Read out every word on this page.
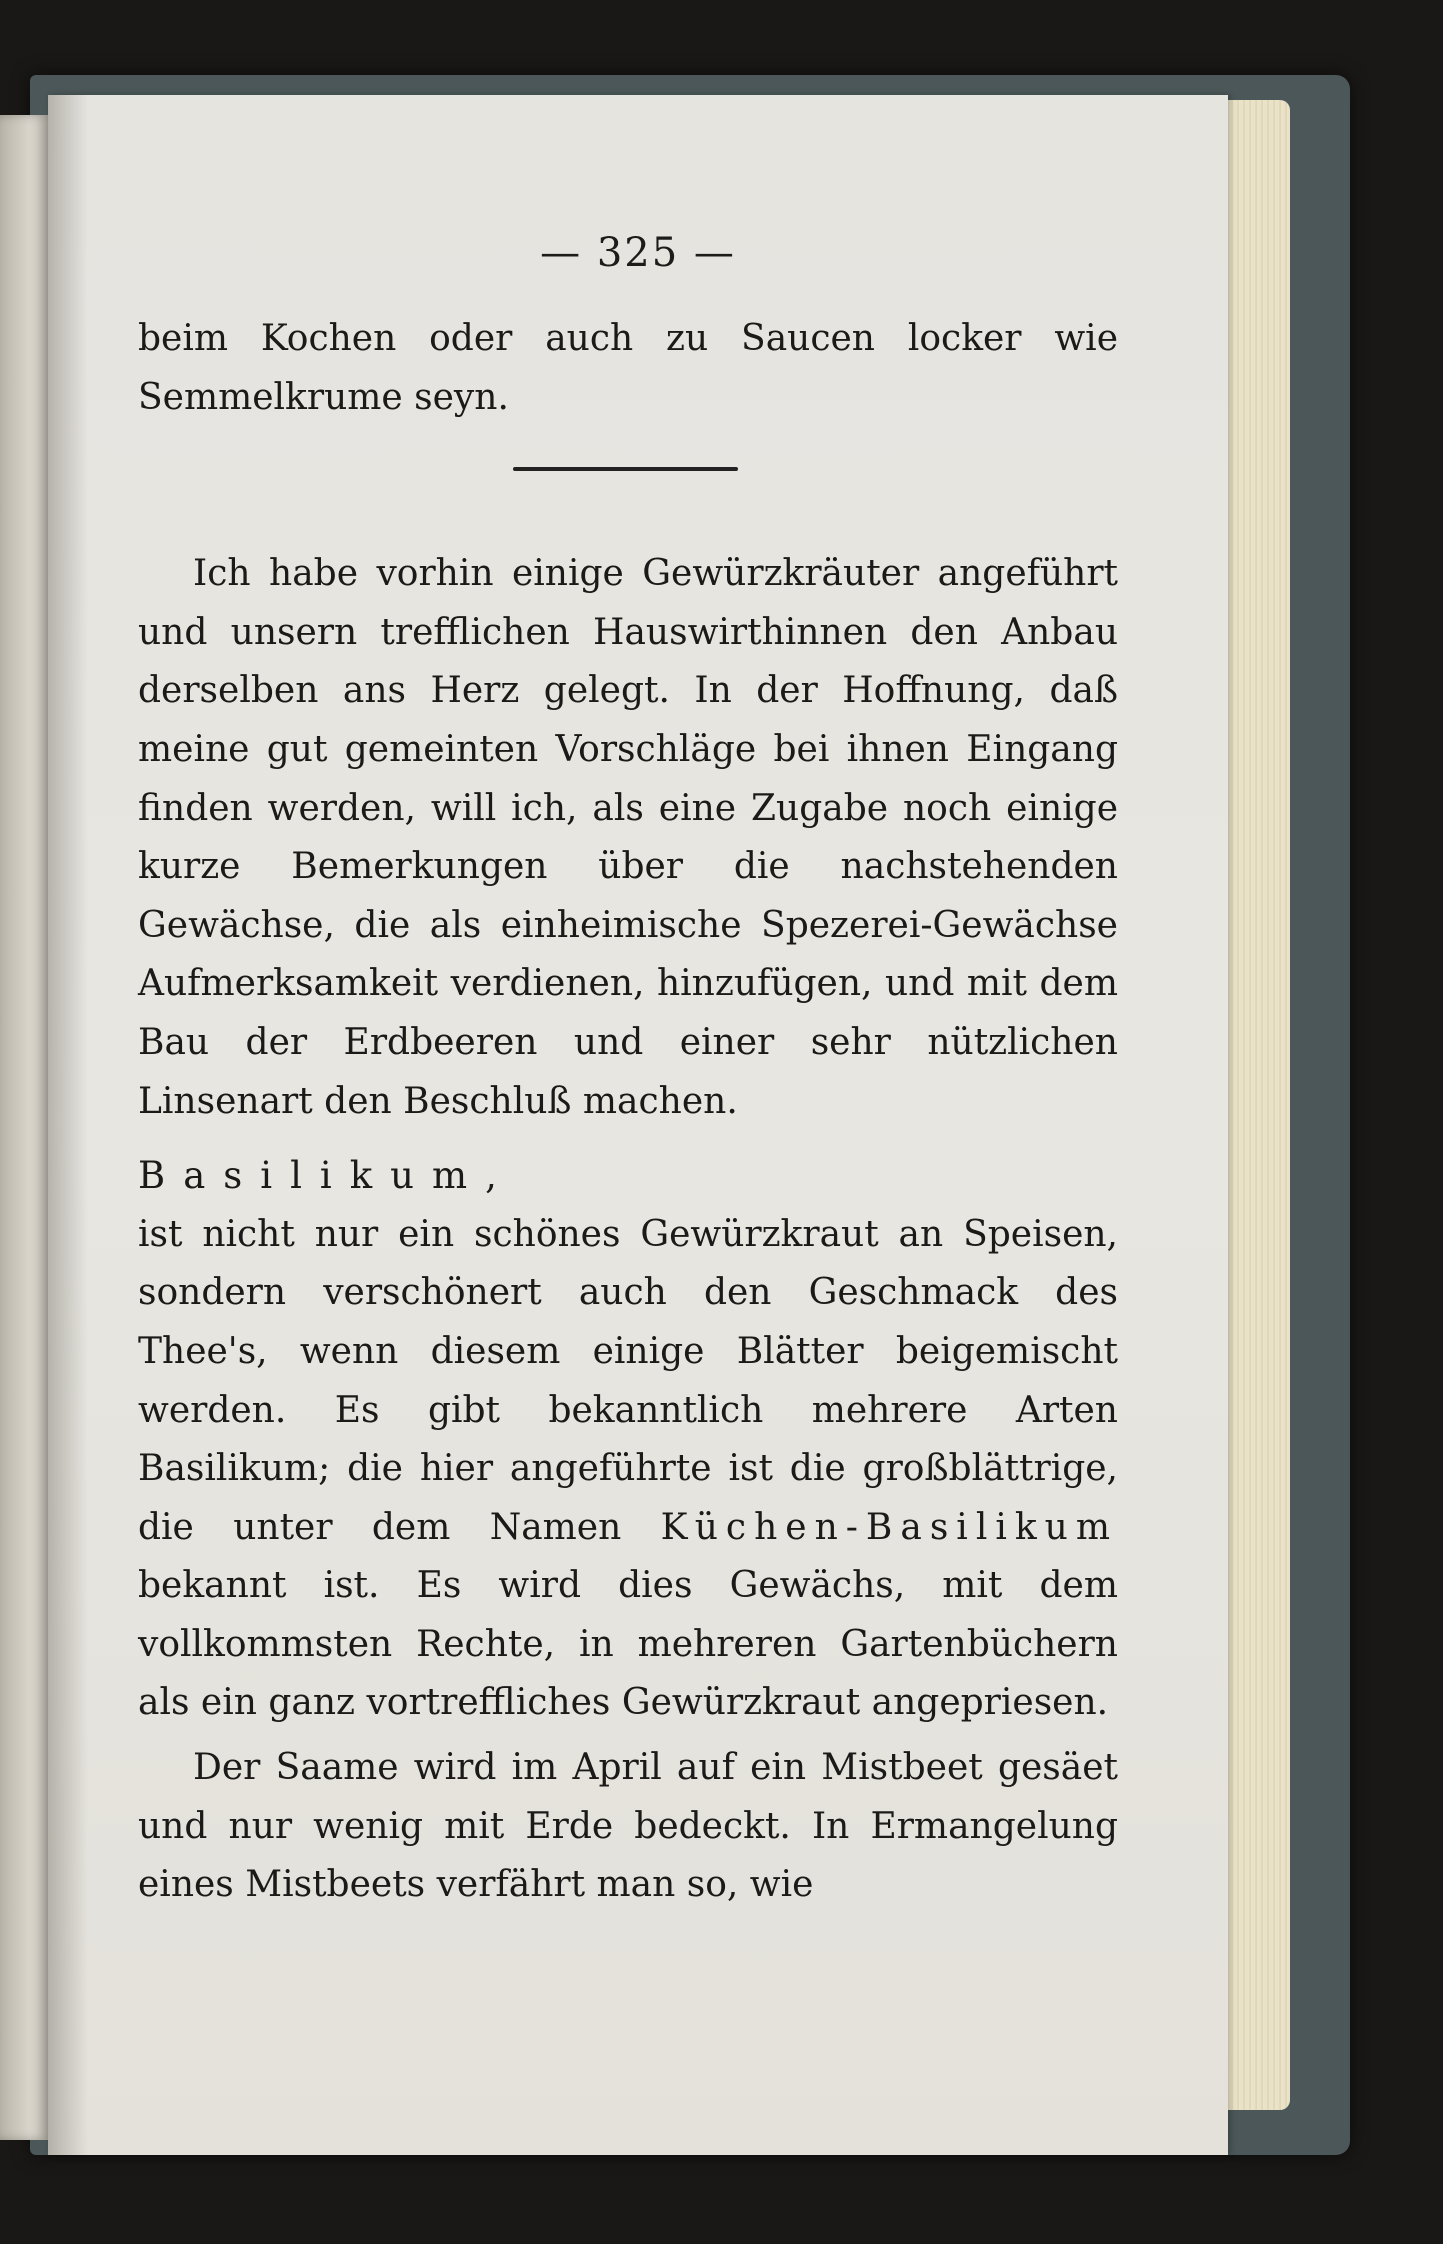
— 325 —

beim Kochen oder auch zu Saucen locker wie Semmelkrume seyn.

Ich habe vorhin einige Gewürzkräuter angeführt und unsern trefflichen Hauswirthinnen den Anbau derselben ans Herz gelegt. In der Hoffnung, daß meine gut gemeinten Vorschläge bei ihnen Eingang finden werden, will ich, als eine Zugabe noch einige kurze Bemerkungen über die nachstehenden Gewächse, die als einheimische Spezerei-Gewächse Aufmerksamkeit verdienen, hinzufügen, und mit dem Bau der Erdbeeren und einer sehr nützlichen Linsenart den Beschluß machen.

Basilikum,

ist nicht nur ein schönes Gewürzkraut an Speisen, sondern verschönert auch den Geschmack des Thee's, wenn diesem einige Blätter beigemischt werden. Es gibt bekanntlich mehrere Arten Basilikum; die hier angeführte ist die großblättrige, die unter dem Namen Küchen-Basilikum bekannt ist. Es wird dies Gewächs, mit dem vollkommsten Rechte, in mehreren Gartenbüchern als ein ganz vortreffliches Gewürzkraut angepriesen.

Der Saame wird im April auf ein Mistbeet gesäet und nur wenig mit Erde bedeckt. In Ermangelung eines Mistbeets verfährt man so, wie
